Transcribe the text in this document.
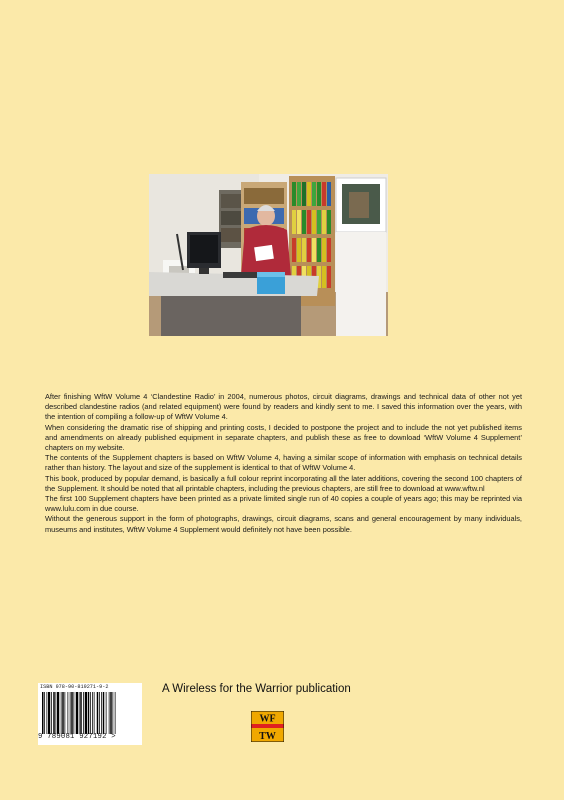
After finishing WftW Volume 4 ‘Clandestine Radio’ in 2004, numerous photos, circuit diagrams, drawings and technical data of other not yet described clandestine radios (and related equipment) were found by readers and kindly sent to me. I saved this information over the years, with the intention of compiling a follow-up of WftW Volume 4.

When considering the dramatic rise of shipping and printing costs, I decided to postpone the project and to include the not yet published items and amendments on already published equipment in separate chapters, and publish these as free to download ‘WftW Volume 4 Supplement’ chapters on my website.

The contents of the Supplement chapters is based on WftW Volume 4, having a similar scope of information with emphasis on technical details rather than history. The layout and size of the supplement is identical to that of WftW Volume 4.

This book, produced by popular demand, is basically a full colour reprint incorporating all the later additions, covering the second 100 chapters of the Supplement. It should be noted that all printable chapters, including the previous chapters, are still free to download at www.wftw.nl

The first 100 Supplement chapters have been printed as a private limited single run of 40 copies a couple of years ago; this may be reprinted via www.lulu.com in due course.

Without the generous support in the form of photographs, drawings, circuit diagrams, scans and general encouragement by many individuals, museums and institutes, WftW Volume 4 Supplement would definitely not have been possible.

ISBN 978-90-819271-9-2
9 789081 927192 >
A Wireless for the Warrior publication
WF
TW
